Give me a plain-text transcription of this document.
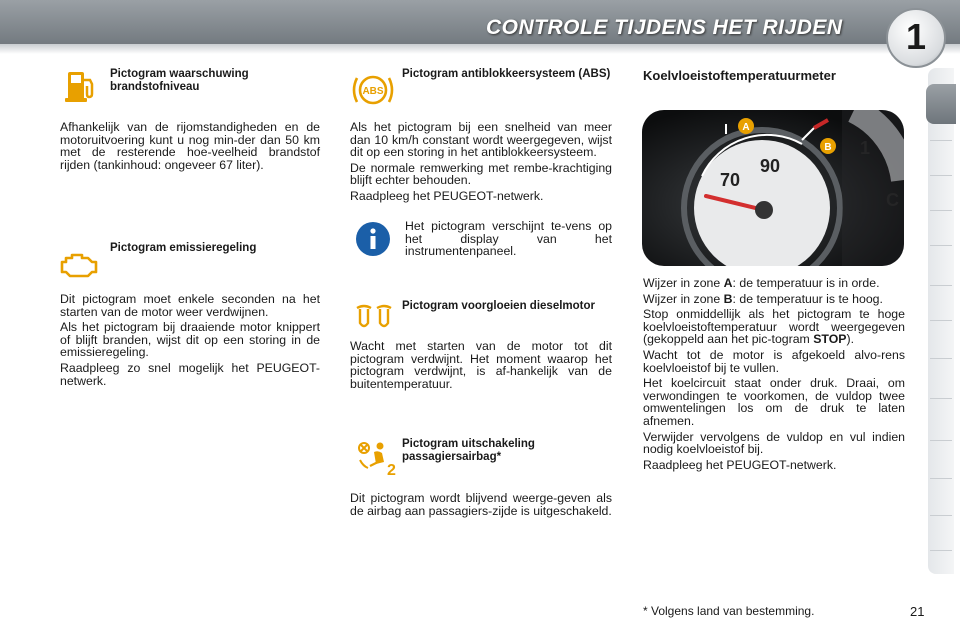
CONTROLE TIJDENS HET RIJDEN	1
Pictogram waarschuwing brandstofniveau
Afhankelijk van de rijomstandigheden en de motoruitvoering kunt u nog min-der dan 50 km met de resterende hoe-veelheid brandstof rijden (tankinhoud: ongeveer 67 liter).
Pictogram emissieregeling

Dit pictogram moet enkele seconden na het starten van de motor weer verdwijnen.

Als het pictogram bij draaiende motor knippert of blijft branden, wijst dit op een storing in de emissieregeling.

Raadpleeg zo snel mogelijk het PEUGEOT-netwerk.

ABS
Pictogram antiblokkeersysteem (ABS)

Als het pictogram bij een snelheid van meer dan 10 km/h constant wordt weergegeven, wijst dit op een storing in het antiblokkeersysteem.

De normale remwerking met rembe-krachtiging blijft echter behouden.

Raadpleeg het PEUGEOT-netwerk.

Het pictogram verschijnt te-vens op het display van het instrumentenpaneel.
Pictogram voorgloeien dieselmotor
Wacht met starten van de motor tot dit pictogram verdwijnt. Het moment waarop het pictogram verdwijnt, is af-hankelijk van de buitentemperatuur.
2
Pictogram uitschakeling passagiersairbag*
Dit pictogram wordt blijvend weerge-geven als de airbag aan passagiers-zijde is uitgeschakeld.
Koelvloeistoftemperatuurmeter
70
90
1
C
A
B

Wijzer in zone A: de temperatuur is in orde.

Wijzer in zone B: de temperatuur is te hoog.

Stop onmiddellijk als het pictogram te hoge koelvloeistoftemperatuur wordt weergegeven (gekoppeld aan het pic-togram STOP).

Wacht tot de motor is afgekoeld alvo-rens koelvloeistof bij te vullen.

Het koelcircuit staat onder druk. Draai, om verwondingen te voorkomen, de vuldop twee omwentelingen los om de druk te laten afnemen.

Verwijder vervolgens de vuldop en vul indien nodig koelvloeistof bij.

Raadpleeg het PEUGEOT-netwerk.

* Volgens land van bestemming.	21
